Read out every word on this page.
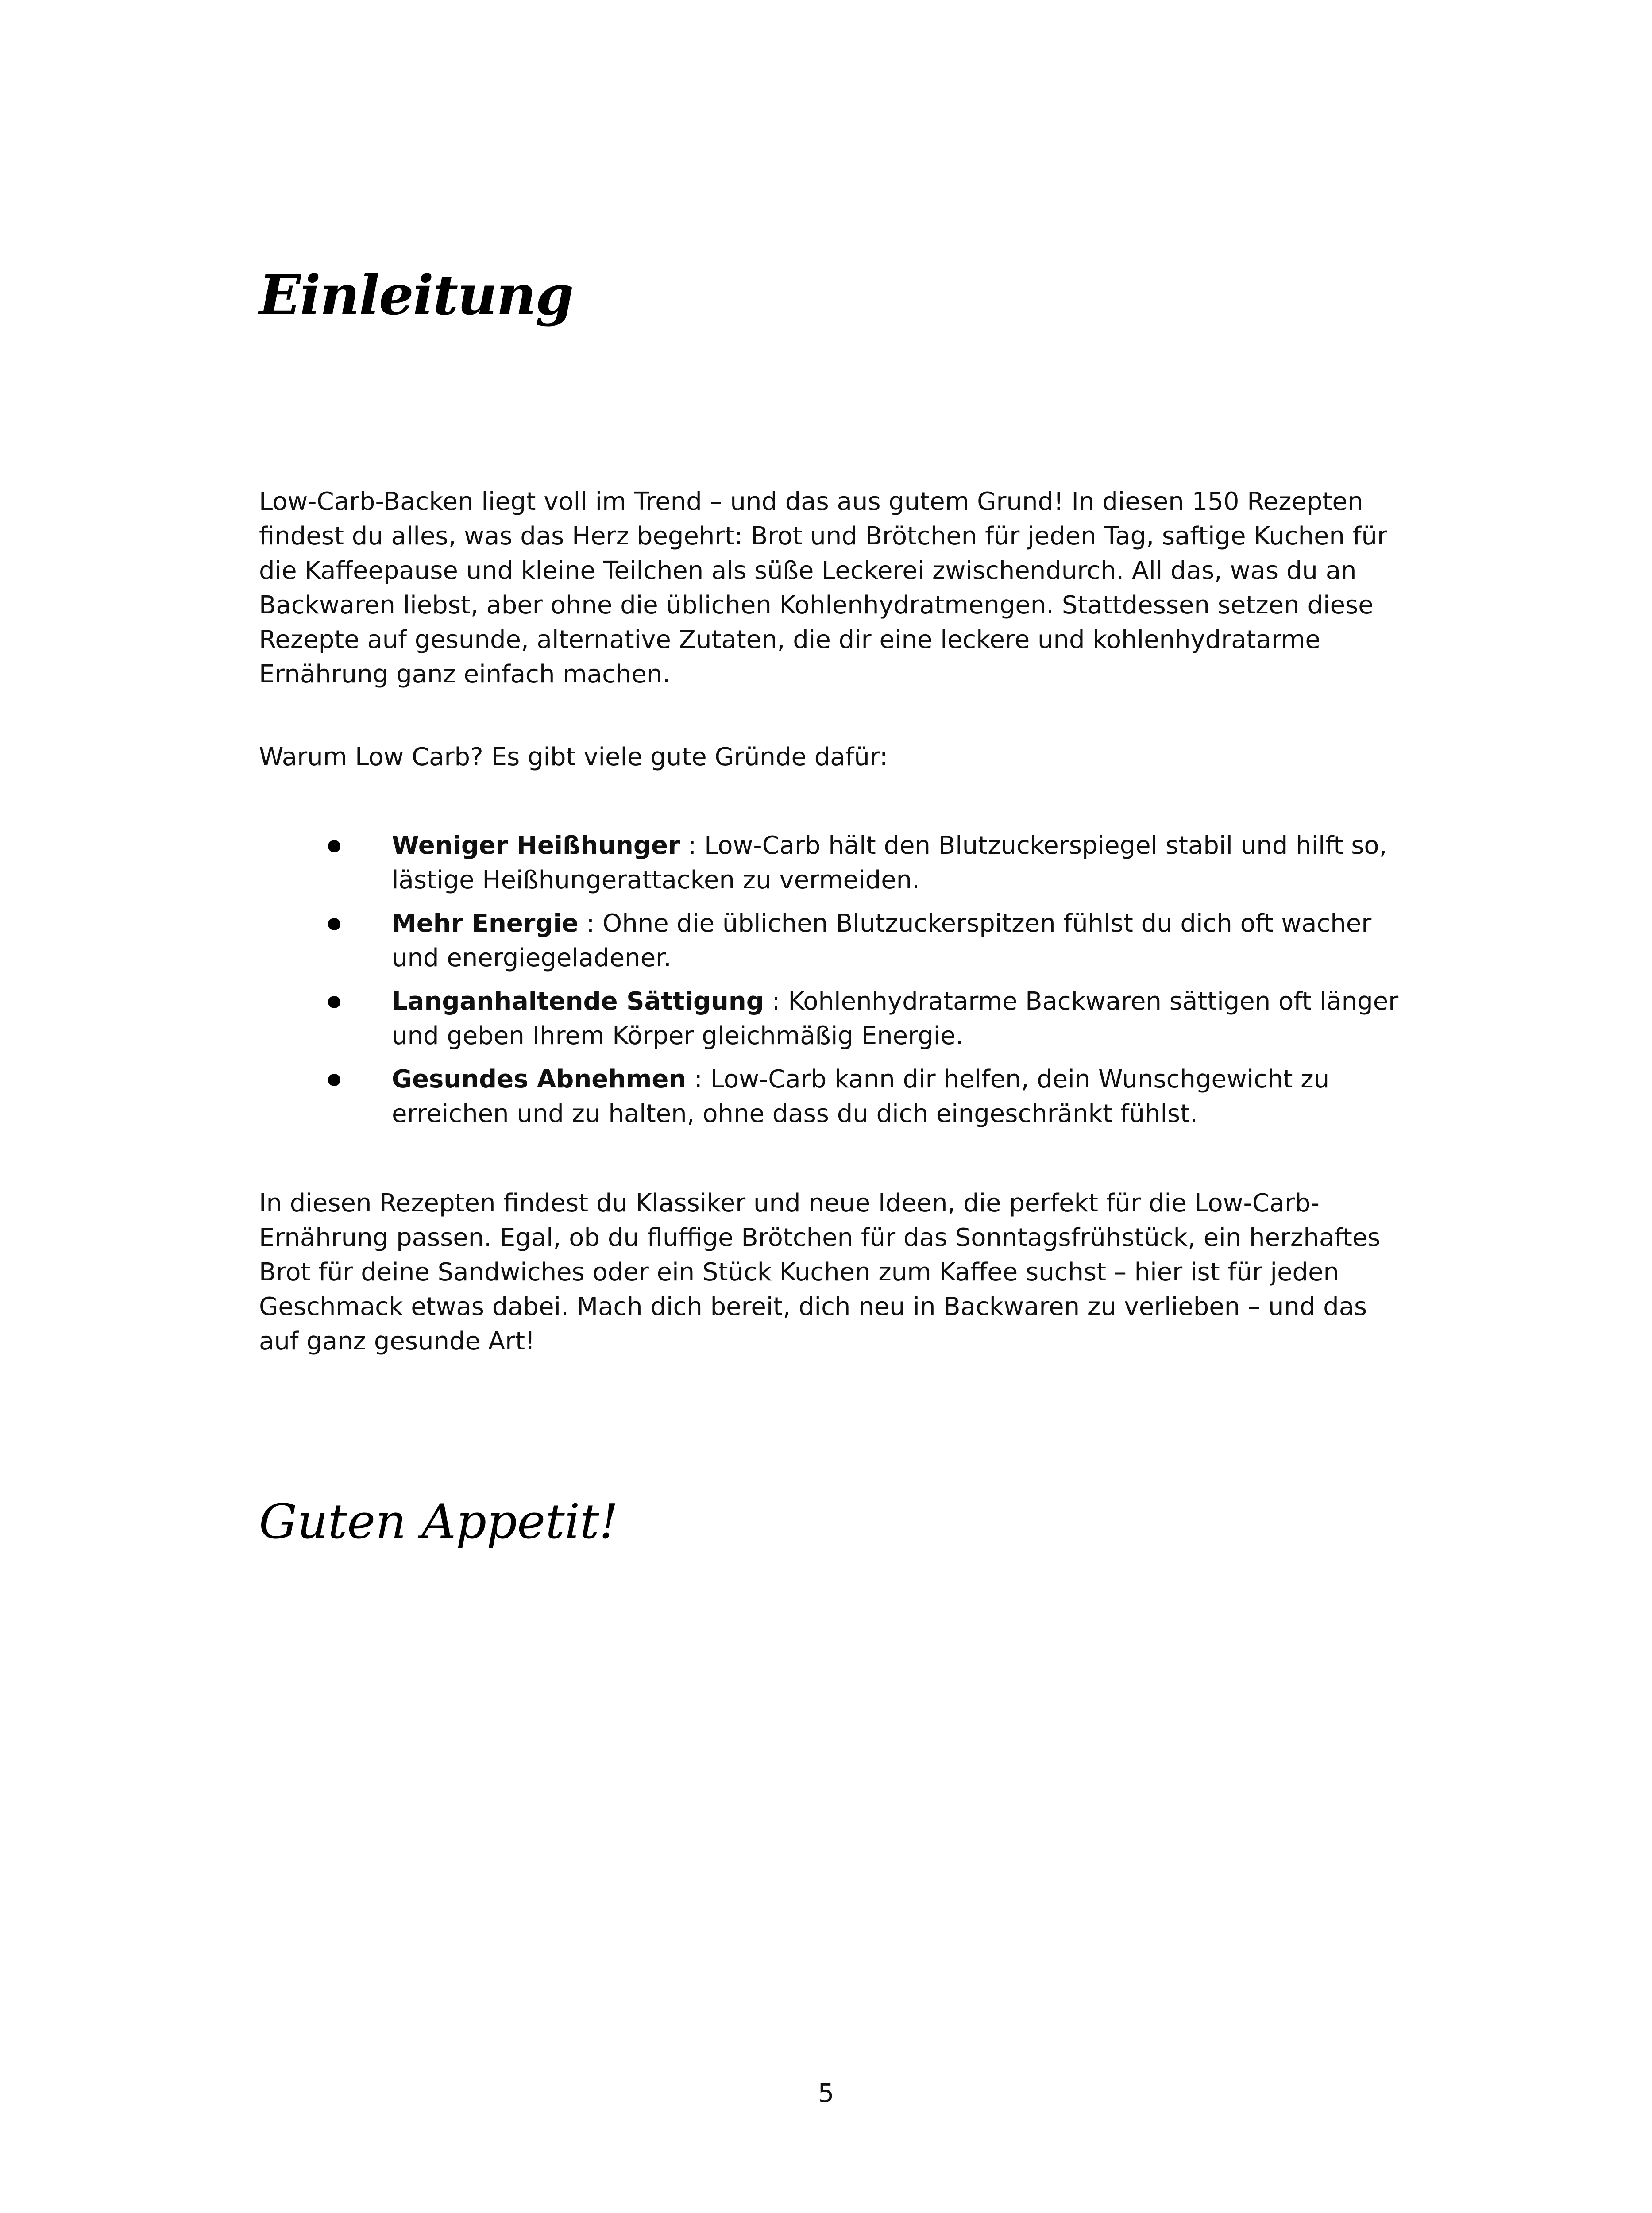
Einleitung

Low-Carb-Backen liegt voll im Trend – und das aus gutem Grund! In diesen 150 Rezepten findest du alles, was das Herz begehrt: Brot und Brötchen für jeden Tag, saftige Kuchen für die Kaffeepause und kleine Teilchen als süße Leckerei zwischendurch. All das, was du an Backwaren liebst, aber ohne die üblichen Kohlenhydratmengen. Stattdessen setzen diese Rezepte auf gesunde, alternative Zutaten, die dir eine leckere und kohlenhydratarme Ernährung ganz einfach machen.

Warum Low Carb? Es gibt viele gute Gründe dafür:

Weniger Heißhunger : Low-Carb hält den Blutzuckerspiegel stabil und hilft so, lästige Heißhungerattacken zu vermeiden.
Mehr Energie : Ohne die üblichen Blutzuckerspitzen fühlst du dich oft wacher und energiegeladener.
Langanhaltende Sättigung : Kohlenhydratarme Backwaren sättigen oft länger und geben Ihrem Körper gleichmäßig Energie.
Gesundes Abnehmen : Low-Carb kann dir helfen, dein Wunschgewicht zu erreichen und zu halten, ohne dass du dich eingeschränkt fühlst.

In diesen Rezepten findest du Klassiker und neue Ideen, die perfekt für die Low-Carb-Ernährung passen. Egal, ob du fluffige Brötchen für das Sonntagsfrühstück, ein herzhaftes Brot für deine Sandwiches oder ein Stück Kuchen zum Kaffee suchst – hier ist für jeden Geschmack etwas dabei. Mach dich bereit, dich neu in Backwaren zu verlieben – und das auf ganz gesunde Art!

Guten Appetit!

5
